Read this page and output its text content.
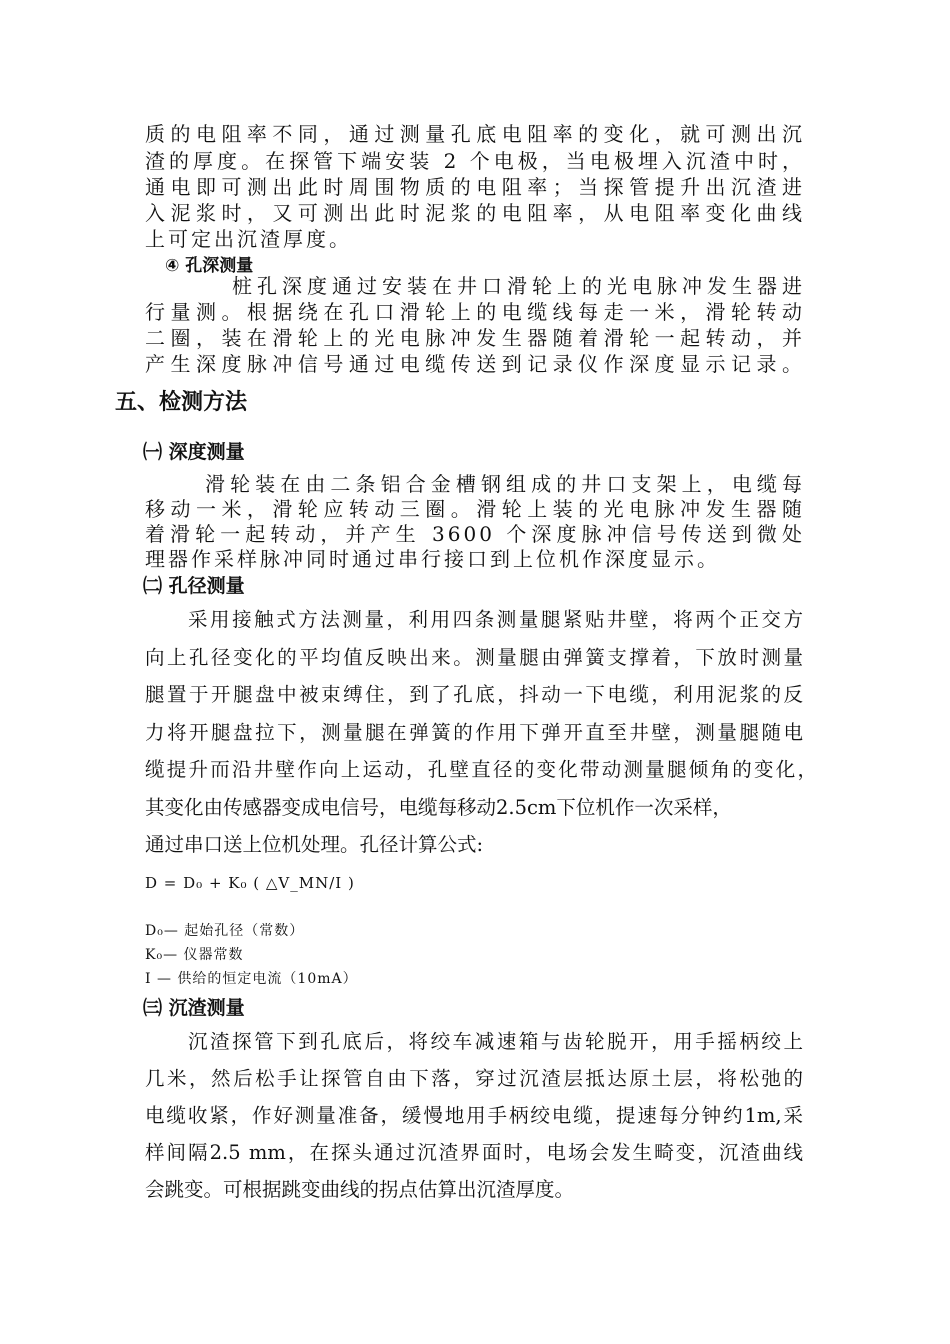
质的电阻率不同，通过测量孔底电阻率的变化，就可测出沉
渣的厚度。在探管下端安装 2 个电极，当电极埋入沉渣中时，
通电即可测出此时周围物质的电阻率；当探管提升出沉渣进
入泥浆时，又可测出此时泥浆的电阻率，从电阻率变化曲线
上可定出沉渣厚度。
④ 孔深测量
桩孔深度通过安装在井口滑轮上的光电脉冲发生器进
行量测。根据绕在孔口滑轮上的电缆线每走一米，滑轮转动
二圈，装在滑轮上的光电脉冲发生器随着滑轮一起转动，并
产生深度脉冲信号通过电缆传送到记录仪作深度显示记录。
五、检测方法
㈠ 深度测量
滑轮装在由二条铝合金槽钢组成的井口支架上，电缆每
移动一米，滑轮应转动三圈。滑轮上装的光电脉冲发生器随
着滑轮一起转动，并产生 3600 个深度脉冲信号传送到微处
理器作采样脉冲同时通过串行接口到上位机作深度显示。
㈡ 孔径测量
采用接触式方法测量，利用四条测量腿紧贴井壁，将两个正交方
向上孔径变化的平均值反映出来。测量腿由弹簧支撑着，下放时测量
腿置于开腿盘中被束缚住，到了孔底，抖动一下电缆，利用泥浆的反
力将开腿盘拉下，测量腿在弹簧的作用下弹开直至井壁，测量腿随电
缆提升而沿井壁作向上运动，孔壁直径的变化带动测量腿倾角的变化，
其变化由传感器变成电信号，电缆每移动2.5cm下位机作一次采样，
通过串口送上位机处理。孔径计算公式:
D = D₀ + K₀ ( △V_MN/I )
D₀— 起始孔径（常数）
K₀— 仪器常数
I — 供给的恒定电流（10mA）
㈢ 沉渣测量
沉渣探管下到孔底后，将绞车减速箱与齿轮脱开，用手摇柄绞上
几米，然后松手让探管自由下落，穿过沉渣层抵达原土层，将松弛的
电缆收紧，作好测量准备，缓慢地用手柄绞电缆，提速每分钟约1m,采
样间隔2.5 mm，在探头通过沉渣界面时，电场会发生畸变，沉渣曲线
会跳变。可根据跳变曲线的拐点估算出沉渣厚度。
